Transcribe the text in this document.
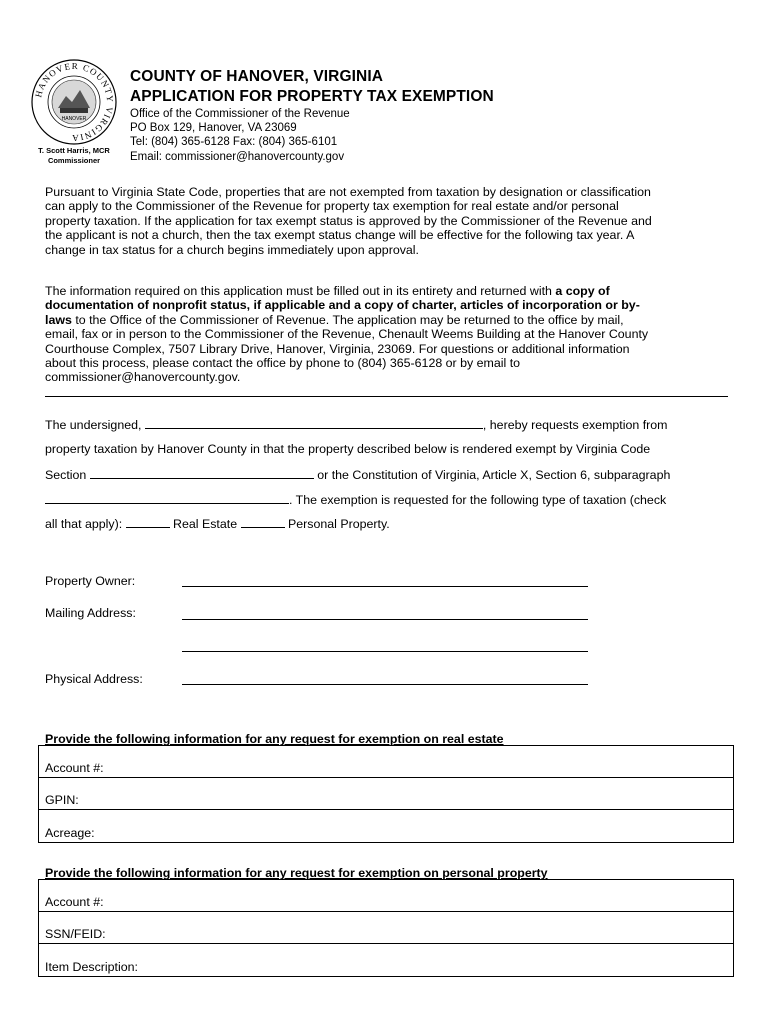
HANOVER COUNTY VIRGINIA
HANOVER
T. Scott Harris, MCR
Commissioner
COUNTY OF HANOVER, VIRGINIA
APPLICATION FOR PROPERTY TAX EXEMPTION
Office of the Commissioner of the Revenue
PO Box 129, Hanover, VA 23069
Tel: (804) 365-6128 Fax: (804) 365-6101
Email: commissioner@hanovercounty.gov
Pursuant to Virginia State Code, properties that are not exempted from taxation by designation or classification
can apply to the Commissioner of the Revenue for property tax exemption for real estate and/or personal
property taxation. If the application for tax exempt status is approved by the Commissioner of the Revenue and
the applicant is not a church, then the tax exempt status change will be effective for the following tax year. A
change in tax status for a church begins immediately upon approval.
The information required on this application must be filled out in its entirety and returned with a copy of
documentation of nonprofit status, if applicable and a copy of charter, articles of incorporation or by-
laws to the Office of the Commissioner of Revenue. The application may be returned to the office by mail,
email, fax or in person to the Commissioner of the Revenue, Chenault Weems Building at the Hanover County
Courthouse Complex, 7507 Library Drive, Hanover, Virginia, 23069. For questions or additional information
about this process, please contact the office by phone to (804) 365-6128 or by email to
commissioner@hanovercounty.gov.
The undersigned,	, hereby requests exemption from
property taxation by Hanover County in that the property described below is rendered exempt by Virginia Code
Section	or the Constitution of Virginia, Article X, Section 6, subparagraph
. The exemption is requested for the following type of taxation (check
all that apply):	Real Estate	Personal Property.
Property Owner:
Mailing Address:
Physical Address:
Provide the following information for any request for exemption on real estate
Account #:
GPIN:
Acreage:
Provide the following information for any request for exemption on personal property
Account #:
SSN/FEID:
Item Description:
